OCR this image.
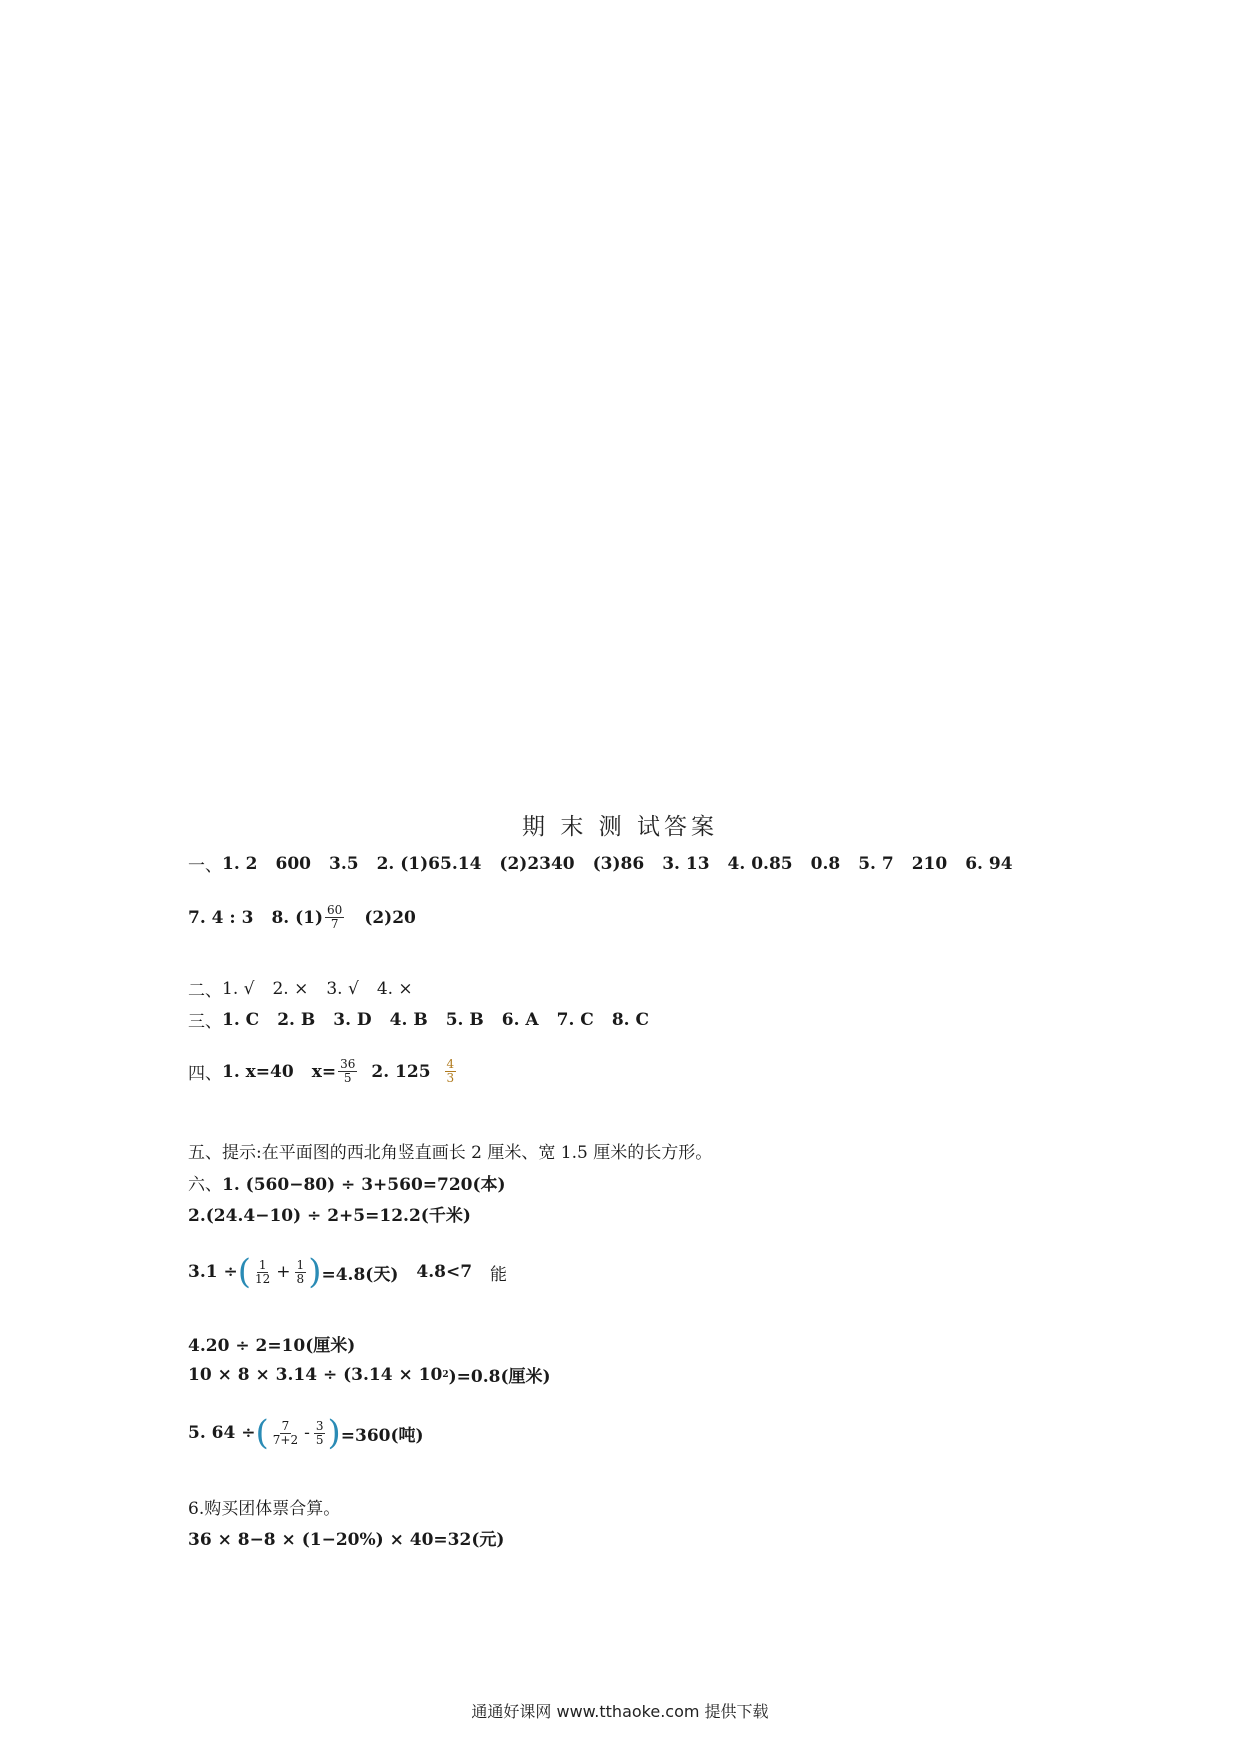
期 末 测 试答案
一、 1. 2 600 3.5 2. (1)65.14 (2)2340 (3)86 3. 13 4. 0.85 0.8 5. 7 210 6. 94
7. 4 : 3 8. $(1) \frac{60}{7} (2)20$
二、 1. √ 2. × 3. √ 4. ×
三、 1. C 2. B 3. D 4. B 5. B 6. A 7. C 8. C
四、 1. x=40 $x= \frac{36}{5} 2$. $125 \frac{4}{3}$
五、 提示:在平面图的西北角竖直画长 2 厘米、宽 1.5 厘米的长方形。
六、 1. (560−80) ÷ 3+560=720(本)
2.(24.4−10) ÷ 2+5=12.2(千米)
3.1 ÷ ( $\frac{1}{12} + \frac{1}{8}$ ) =4.8(天) 4.8<7 能
4.20 ÷ 2=10(厘米)
10 × 8 × 3.14 ÷ (3.14 × 10 2 )=0.8(厘米)
5. 64 ÷ ( $\frac{7}{7+2} - \frac{3}{5}$ ) =360(吨)
6.购买团体票合算。
36 × 8−8 × (1−20%) × 40=32(元)
通通好课网 www.tthaoke.com 提供下载
